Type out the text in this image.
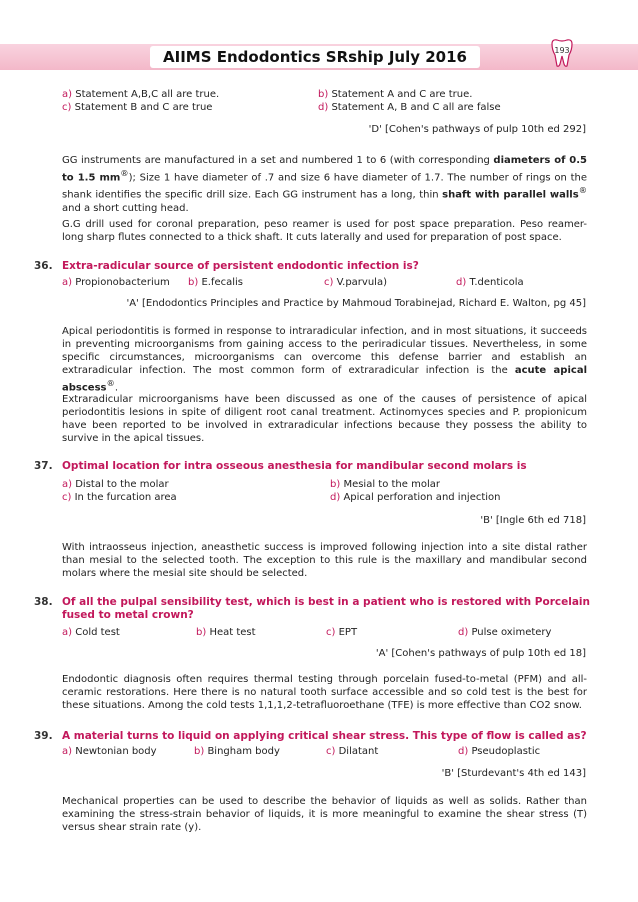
AIIMS Endodontics SRship July 2016	193
a) Statement A,B,C all are true.	b) Statement A and C are true.
c) Statement B and C are true	d) Statement A, B and C all are false
'D' [Cohen's pathways of pulp 10th ed 292]
GG instruments are manufactured in a set and numbered 1 to 6 (with corresponding diameters of 0.5 to 1.5 mm®); Size 1 have diameter of .7 and size 6 have diameter of 1.7. The number of rings on the shank identifies the specific drill size. Each GG instrument has a long, thin shaft with parallel walls® and a short cutting head.
G.G drill used for coronal preparation, peso reamer is used for post space preparation. Peso reamer- long sharp flutes connected to a thick shaft. It cuts laterally and used for preparation of post space.
36. Extra-radicular source of persistent endodontic infection is?
a) Propionobacterium b) E.fecalis	c) V.parvula)	d) T.denticola
'A' [Endodontics Principles and Practice by Mahmoud Torabinejad, Richard E. Walton, pg 45]
Apical periodontitis is formed in response to intraradicular infection, and in most situations, it succeeds in preventing microorganisms from gaining access to the periradicular tissues. Nevertheless, in some specific circumstances, microorganisms can overcome this defense barrier and establish an extraradicular infection. The most common form of extraradicular infection is the acute apical abscess®.
Extraradicular microorganisms have been discussed as one of the causes of persistence of apical periodontitis lesions in spite of diligent root canal treatment. Actinomyces species and P. propionicum have been reported to be involved in extraradicular infections because they possess the ability to survive in the apical tissues.
37. Optimal location for intra osseous anesthesia for mandibular second molars is
a) Distal to the molar	b) Mesial to the molar
c) In the furcation area	d) Apical perforation and injection
'B' [Ingle 6th ed 718]
With intraosseus injection, aneasthetic success is improved following injection into a site distal rather than mesial to the selected tooth. The exception to this rule is the maxillary and mandibular second molars where the mesial site should be selected.
38. Of all the pulpal sensibility test, which is best in a patient who is restored with Porcelain fused to metal crown?
a) Cold test	b) Heat test	c) EPT	d) Pulse oximetery
'A' [Cohen's pathways of pulp 10th ed 18]
Endodontic diagnosis often requires thermal testing through porcelain fused-to-metal (PFM) and all-ceramic restorations. Here there is no natural tooth surface accessible and so cold test is the best for these situations. Among the cold tests 1,1,1,2-tetrafluoroethane (TFE) is more effective than CO2 snow.
39. A material turns to liquid on applying critical shear stress. This type of flow is called as?
a) Newtonian body	b) Bingham body	c) Dilatant	d) Pseudoplastic
'B' [Sturdevant's 4th ed 143]
Mechanical properties can be used to describe the behavior of liquids as well as solids. Rather than examining the stress-strain behavior of liquids, it is more meaningful to examine the shear stress (T) versus shear strain rate (y).
